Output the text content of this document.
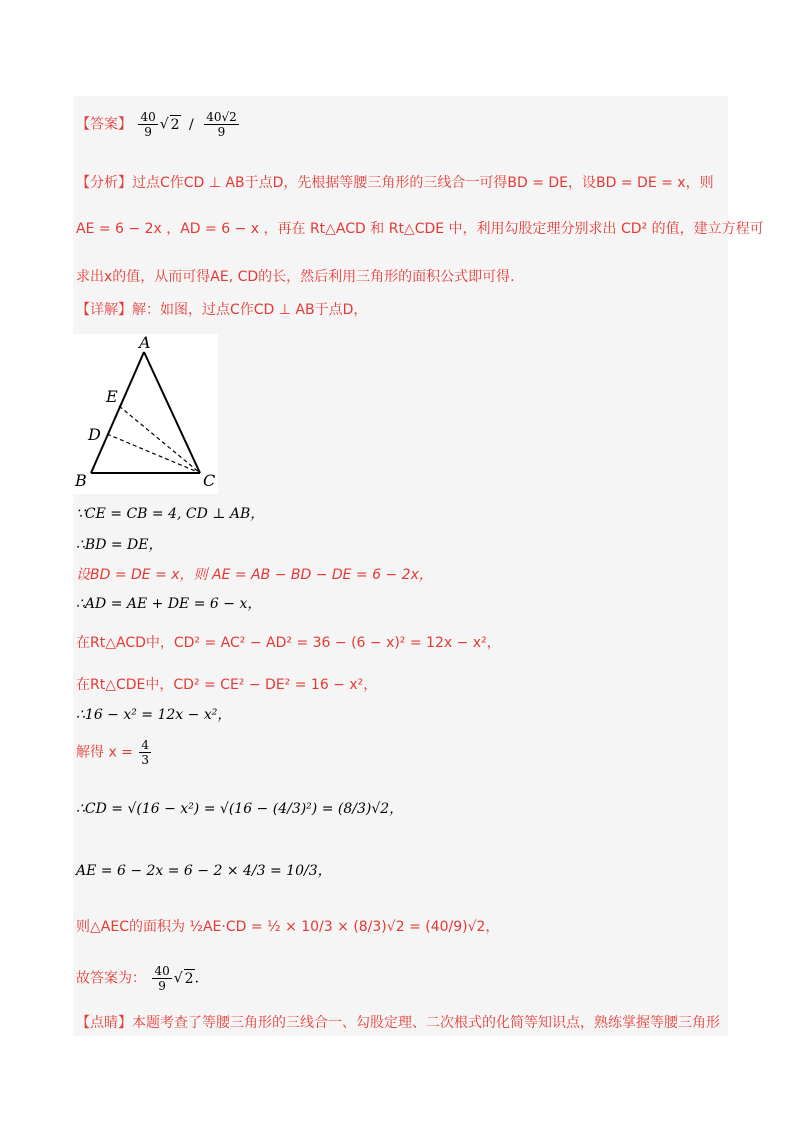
【答案】 $\frac{40}{9}$ √ $2 / \frac{40√2}{9}$
【分析】过点C作CD ⊥ AB于点D，先根据等腰三角形的三线合一可得BD = DE，设BD = DE = x，则
AE = 6 − 2x ，AD = 6 − x ，再在 Rt△ACD 和 Rt△CDE 中，利用勾股定理分别求出 CD² 的值，建立方程可
求出x的值，从而可得AE, CD的长，然后利用三角形的面积公式即可得.
【详解】解：如图，过点C作CD ⊥ AB于点D，
A
E
D
B	C
∵CE = CB = 4, CD ⊥ AB，
∴BD = DE，
设BD = DE = x，则 AE = AB − BD − DE = 6 − 2x，
∴AD = AE + DE = 6 − x，
在Rt△ACD中，CD² = AC² − AD² = 36 − (6 − x)² = 12x − x²，
在Rt△CDE中，CD² = CE² − DE² = 16 − x²，
∴16 − x² = 12x − x²，
解得 $x = \frac{4}{3}$
∴CD = √(16 − x²) = √(16 − (4/3)²) = (8/3)√2，
AE = 6 − 2x = 6 − 2 × 4/3 = 10/3，
则△AEC的面积为 ½AE·CD = ½ × 10/3 × (8/3)√2 = (40/9)√2，
故答案为： $\frac{40}{9}$ √ 2.
【点睛】本题考查了等腰三角形的三线合一、勾股定理、二次根式的化简等知识点，熟练掌握等腰三角形
